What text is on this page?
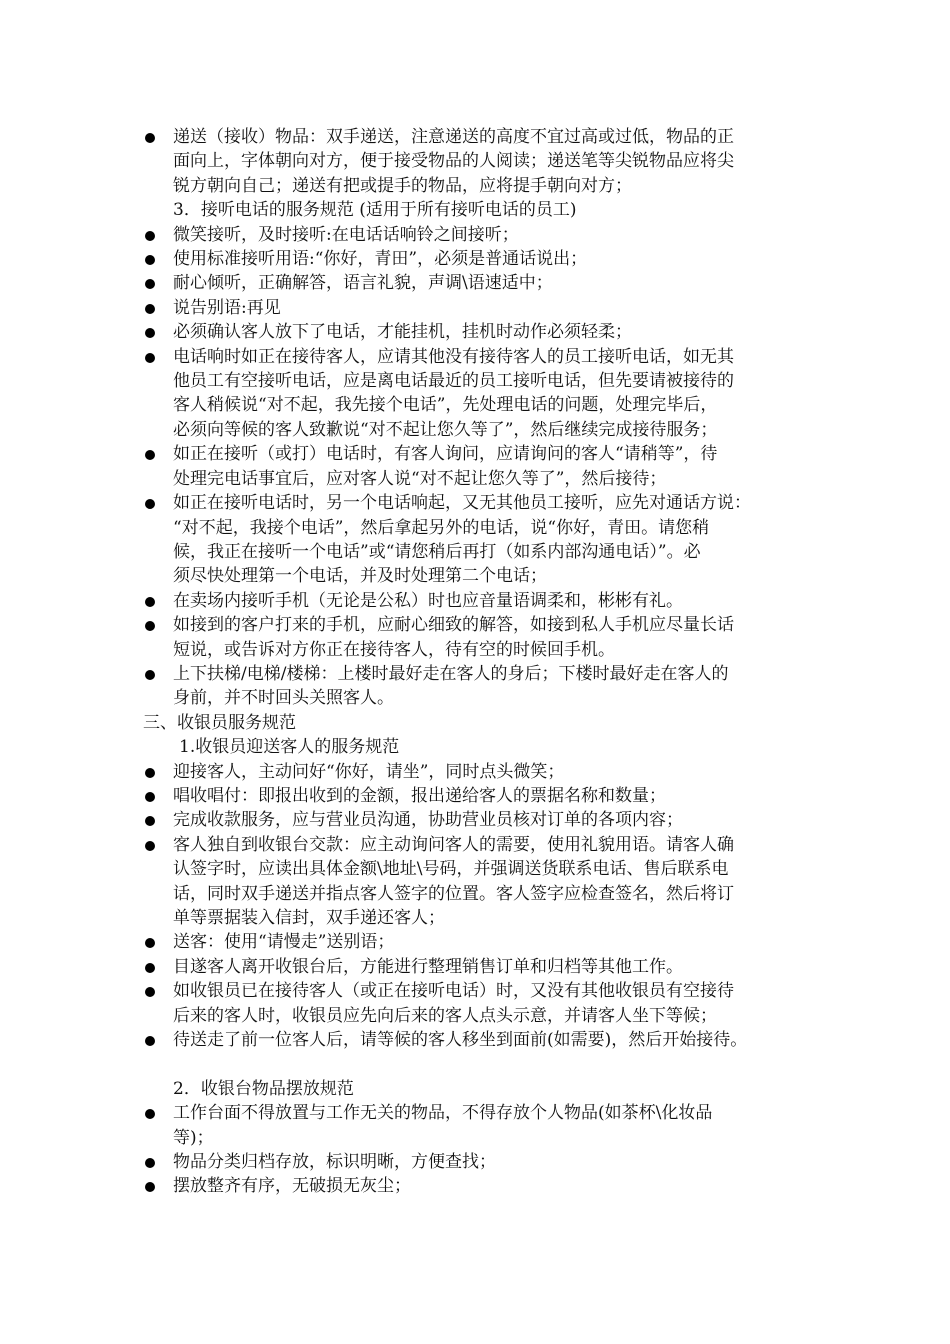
递送（接收）物品：双手递送，注意递送的高度不宜过高或过低，物品的正
面向上，字体朝向对方，便于接受物品的人阅读；递送笔等尖锐物品应将尖
锐方朝向自己；递送有把或提手的物品，应将提手朝向对方；
3．接听电话的服务规范 (适用于所有接听电话的员工)
微笑接听，及时接听:在电话话响铃之间接听；
使用标准接听用语:“你好，青田”，必须是普通话说出；
耐心倾听，正确解答，语言礼貌，声调\语速适中；
说告别语:再见
必须确认客人放下了电话，才能挂机，挂机时动作必须轻柔；
电话响时如正在接待客人，应请其他没有接待客人的员工接听电话，如无其
他员工有空接听电话，应是离电话最近的员工接听电话，但先要请被接待的
客人稍候说“对不起，我先接个电话”，先处理电话的问题，处理完毕后，
必须向等候的客人致歉说“对不起让您久等了”，然后继续完成接待服务；
如正在接听（或打）电话时，有客人询问，应请询问的客人“请稍等”，待
处理完电话事宜后，应对客人说“对不起让您久等了”，然后接待；
如正在接听电话时，另一个电话响起，又无其他员工接听，应先对通话方说：
“对不起，我接个电话”，然后拿起另外的电话，说“你好，青田。请您稍
候，我正在接听一个电话”或“请您稍后再打（如系内部沟通电话）”。必
须尽快处理第一个电话，并及时处理第二个电话；
在卖场内接听手机（无论是公私）时也应音量语调柔和，彬彬有礼。
如接到的客户打来的手机，应耐心细致的解答，如接到私人手机应尽量长话
短说，或告诉对方你正在接待客人，待有空的时候回手机。
上下扶梯/电梯/楼梯：上楼时最好走在客人的身后；下楼时最好走在客人的
身前，并不时回头关照客人。
三、收银员服务规范
1.收银员迎送客人的服务规范
迎接客人，主动问好“你好，请坐”，同时点头微笑；
唱收唱付：即报出收到的金额，报出递给客人的票据名称和数量；
完成收款服务，应与营业员沟通，协助营业员核对订单的各项内容；
客人独自到收银台交款：应主动询问客人的需要，使用礼貌用语。请客人确
认签字时，应读出具体金额\地址\号码，并强调送货联系电话、售后联系电
话，同时双手递送并指点客人签字的位置。客人签字应检查签名，然后将订
单等票据装入信封，双手递还客人；
送客：使用“请慢走”送别语；
目遂客人离开收银台后，方能进行整理销售订单和归档等其他工作。
如收银员已在接待客人（或正在接听电话）时，又没有其他收银员有空接待
后来的客人时，收银员应先向后来的客人点头示意，并请客人坐下等候；
待送走了前一位客人后，请等候的客人移坐到面前(如需要)，然后开始接待。
2．收银台物品摆放规范
工作台面不得放置与工作无关的物品，不得存放个人物品(如茶杯\化妆品
等)；
物品分类归档存放，标识明晰，方便查找；
摆放整齐有序，无破损无灰尘；
